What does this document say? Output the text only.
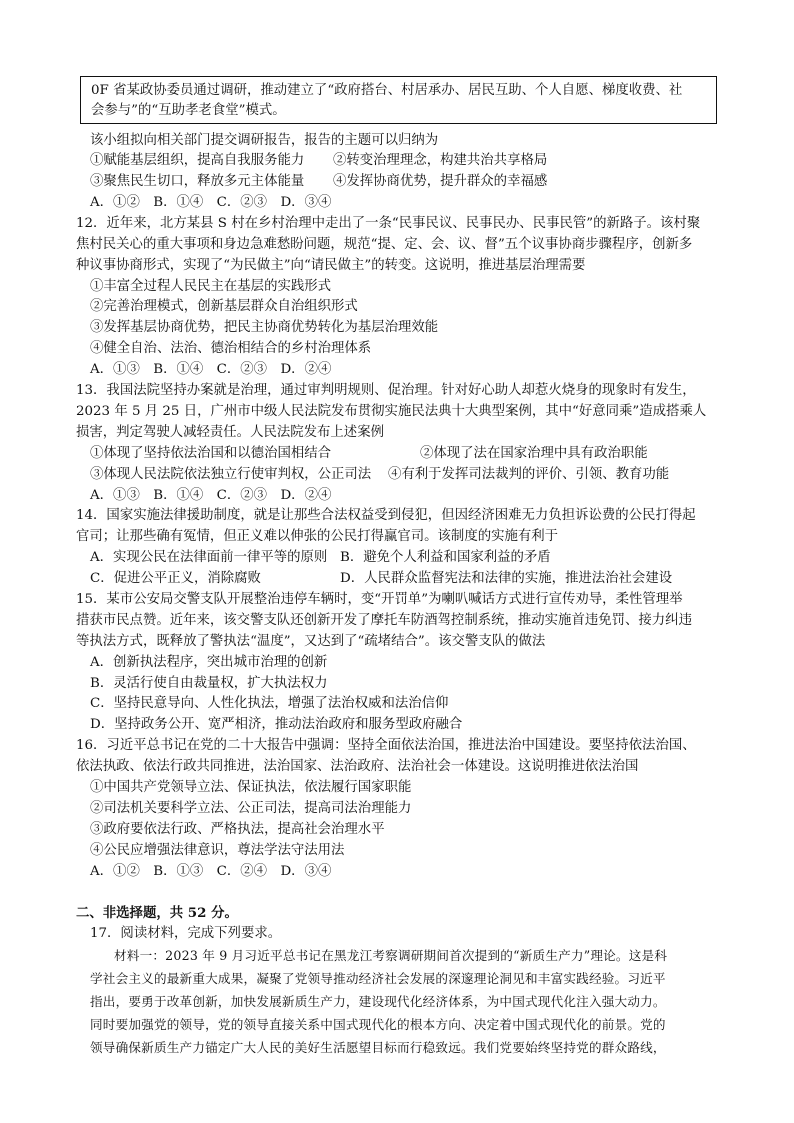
0F 省某政协委员通过调研，推动建立了“政府搭台、村居承办、居民互助、个人自愿、梯度收费、社
会参与”的“互助孝老食堂”模式。
该小组拟向相关部门提交调研报告，报告的主题可以归纳为
①赋能基层组织，提高自我服务能力 ②转变治理理念，构建共治共享格局
③聚焦民生切口，释放多元主体能量 ④发挥协商优势，提升群众的幸福感
A．①②　B．①④　C．②③　D．③④
12．近年来，北方某县 S 村在乡村治理中走出了一条“民事民议、民事民办、民事民管”的新路子。该村聚
焦村民关心的重大事项和身边急难愁盼问题，规范“提、定、会、议、督”五个议事协商步骤程序，创新多
种议事协商形式，实现了“为民做主”向“请民做主”的转变。这说明，推进基层治理需要
①丰富全过程人民民主在基层的实践形式
②完善治理模式，创新基层群众自治组织形式
③发挥基层协商优势，把民主协商优势转化为基层治理效能
④健全自治、法治、德治相结合的乡村治理体系
A．①③　B．①④　C．②③　D．②④
13．我国法院坚持办案就是治理，通过审判明规则、促治理。针对好心助人却惹火烧身的现象时有发生，
2023 年 5 月 25 日，广州市中级人民法院发布贯彻实施民法典十大典型案例，其中“好意同乘”造成搭乘人
损害，判定驾驶人减轻责任。人民法院发布上述案例
①体现了坚持依法治国和以德治国相结合	②体现了法在国家治理中具有政治职能
③体现人民法院依法独立行使审判权，公正司法 ④有利于发挥司法裁判的评价、引领、教育功能
A．①③　B．①④　C．②③　D．②④
14．国家实施法律援助制度，就是让那些合法权益受到侵犯，但因经济困难无力负担诉讼费的公民打得起
官司；让那些确有冤情，但正义难以伸张的公民打得赢官司。该制度的实施有利于
A．实现公民在法律面前一律平等的原则 B．避免个人利益和国家利益的矛盾
C．促进公平正义，消除腐败	D．人民群众监督宪法和法律的实施，推进法治社会建设
15．某市公安局交警支队开展整治违停车辆时，变“开罚单”为喇叭喊话方式进行宣传劝导，柔性管理举
措获市民点赞。近年来，该交警支队还创新开发了摩托车防酒驾控制系统，推动实施首违免罚、接力纠违
等执法方式，既释放了警执法“温度”，又达到了“疏堵结合”。该交警支队的做法
A．创新执法程序，突出城市治理的创新
B．灵活行使自由裁量权，扩大执法权力
C．坚持民意导向、人性化执法，增强了法治权威和法治信仰
D．坚持政务公开、宽严相济，推动法治政府和服务型政府融合
16．习近平总书记在党的二十大报告中强调：坚持全面依法治国，推进法治中国建设。要坚持依法治国、
依法执政、依法行政共同推进，法治国家、法治政府、法治社会一体建设。这说明推进依法治国
①中国共产党领导立法、保证执法，依法履行国家职能
②司法机关要科学立法、公正司法，提高司法治理能力
③政府要依法行政、严格执法，提高社会治理水平
④公民应增强法律意识，尊法学法守法用法
A．①②　B．①③　C．②④　D．③④
二、非选择题，共 52 分。
17．阅读材料，完成下列要求。
材料一：2023 年 9 月习近平总书记在黑龙江考察调研期间首次提到的“新质生产力”理论。这是科
学社会主义的最新重大成果，凝聚了党领导推动经济社会发展的深邃理论洞见和丰富实践经验。习近平
指出，要勇于改革创新，加快发展新质生产力，建设现代化经济体系，为中国式现代化注入强大动力。
同时要加强党的领导，党的领导直接关系中国式现代化的根本方向、决定着中国式现代化的前景。党的
领导确保新质生产力锚定广大人民的美好生活愿望目标而行稳致远。我们党要始终坚持党的群众路线，
